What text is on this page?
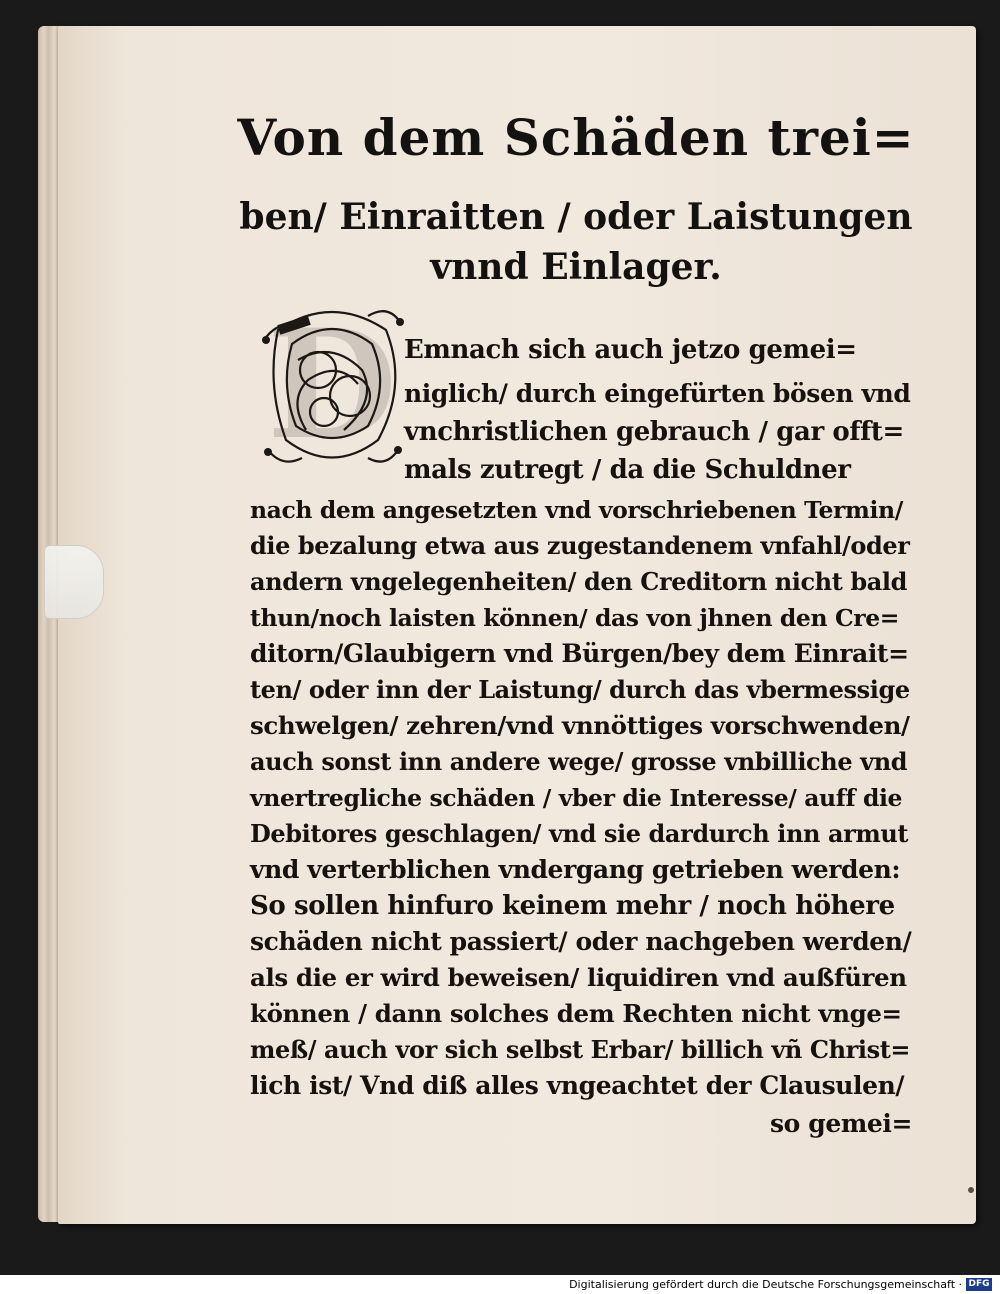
Von dem Schäden trei=
ben/ Einraitten / oder Laistungen
vnnd Einlager.
D Emnach sich auch jetzo gemei=
niglich/ durch eingefürten bösen vnd
vnchristlichen gebrauch / gar offt=
mals zutregt / da die Schuldner
nach dem angesetzten vnd vorschriebenen Termin/
die bezalung etwa aus zugestandenem vnfahl/oder
andern vngelegenheiten/ den Creditorn nicht bald
thun/noch laisten können/ das von jhnen den Cre=
ditorn/Glaubigern vnd Bürgen/bey dem Einrait=
ten/ oder inn der Laistung/ durch das vbermessige
schwelgen/ zehren/vnd vnnöttiges vorschwenden/
auch sonst inn andere wege/ grosse vnbilliche vnd
vnertregliche schäden / vber die Interesse/ auff die
Debitores geschlagen/ vnd sie dardurch inn armut
vnd verterblichen vndergang getrieben werden:
So sollen hinfuro keinem mehr / noch höhere
schäden nicht passiert/ oder nachgeben werden/
als die er wird beweisen/ liquidiren vnd außfüren
können / dann solches dem Rechten nicht vnge=
meß/ auch vor sich selbst Erbar/ billich vñ Christ=
lich ist/ Vnd diß alles vngeachtet der Clausulen/
so gemei=
Digitalisierung gefördert durch die Deutsche Forschungsgemeinschaft · DFG
